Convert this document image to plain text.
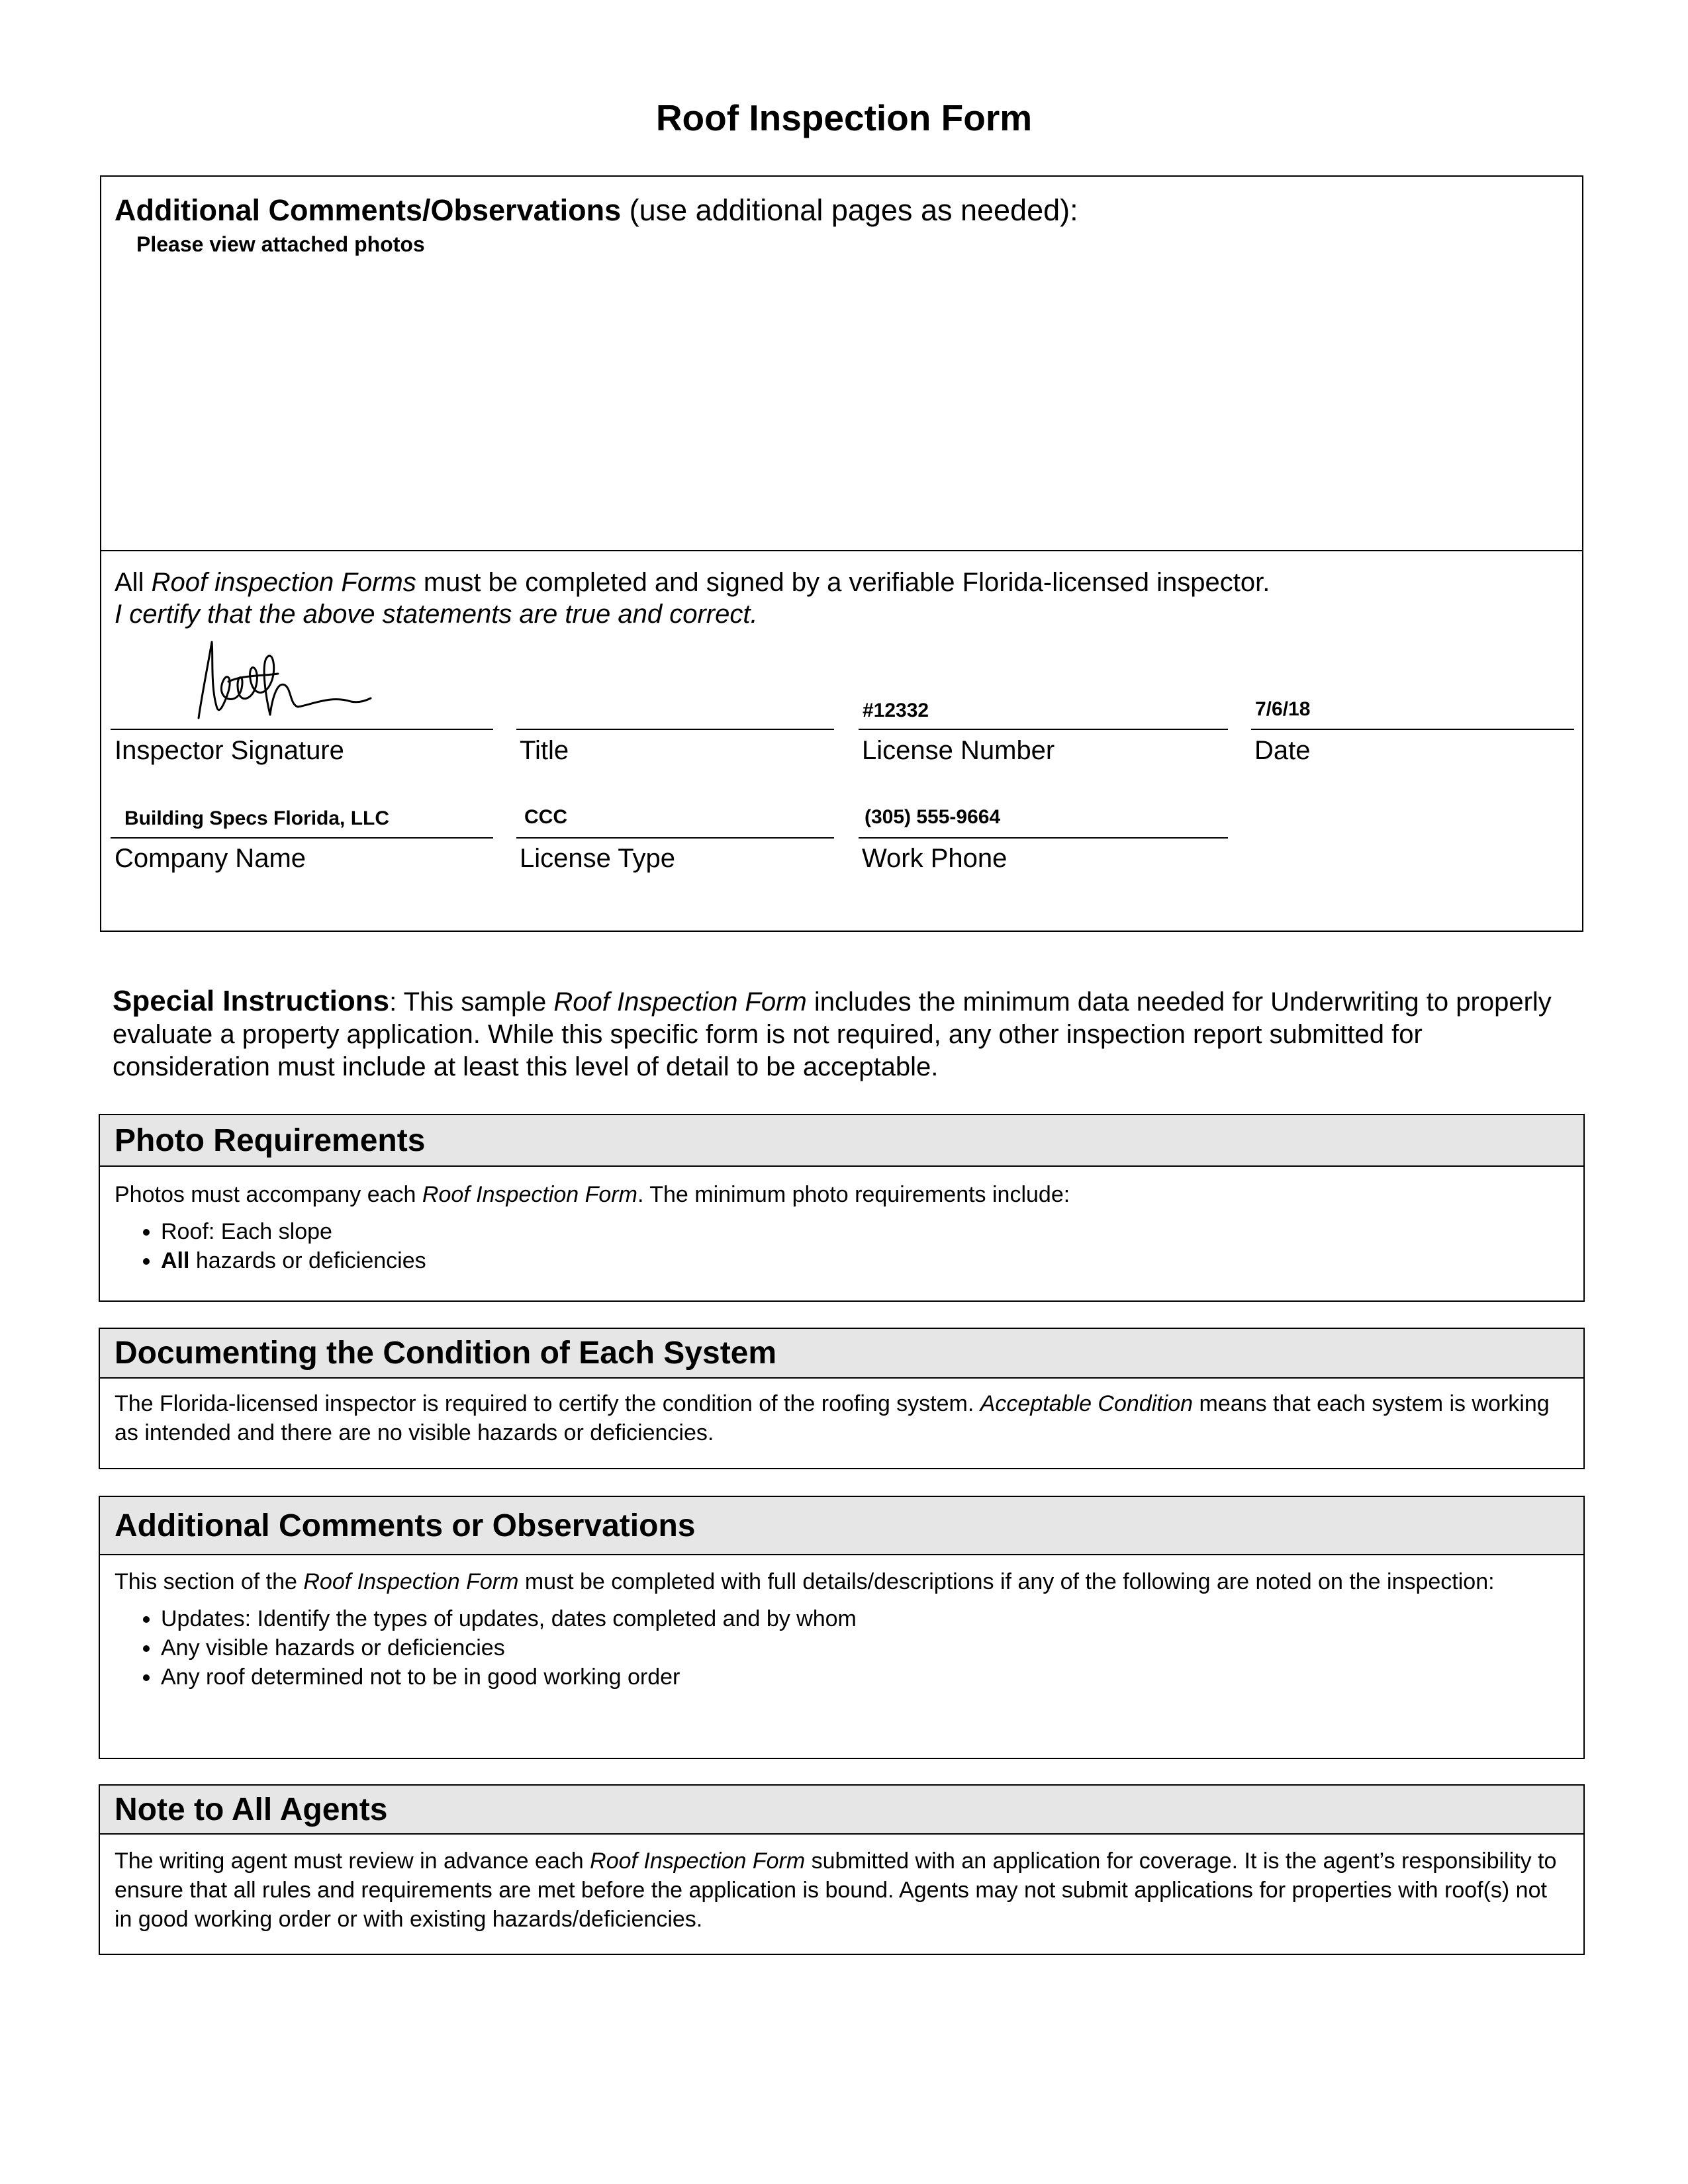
Roof Inspection Form
Additional Comments/Observations (use additional pages as needed):
Please view attached photos
All Roof inspection Forms must be completed and signed by a verifiable Florida-licensed inspector.
I certify that the above statements are true and correct.
Inspector Signature	Title
#12332
License Number
7/6/18
Date
Building Specs Florida, LLC
Company Name
CCC
License Type
(305) 555-9664
Work Phone
Special Instructions: This sample Roof Inspection Form includes the minimum data needed for Underwriting to properly evaluate a property application. While this specific form is not required, any other inspection report submitted for consideration must include at least this level of detail to be acceptable.
Photo Requirements
Photos must accompany each Roof Inspection Form. The minimum photo requirements include:
• Roof: Each slope
• All hazards or deficiencies
Documenting the Condition of Each System
The Florida-licensed inspector is required to certify the condition of the roofing system. Acceptable Condition means that each system is working as intended and there are no visible hazards or deficiencies.
Additional Comments or Observations
This section of the Roof Inspection Form must be completed with full details/descriptions if any of the following are noted on the inspection:
• Updates: Identify the types of updates, dates completed and by whom
• Any visible hazards or deficiencies
• Any roof determined not to be in good working order
Note to All Agents
The writing agent must review in advance each Roof Inspection Form submitted with an application for coverage. It is the agent’s responsibility to ensure that all rules and requirements are met before the application is bound. Agents may not submit applications for properties with roof(s) not in good working order or with existing hazards/deficiencies.
